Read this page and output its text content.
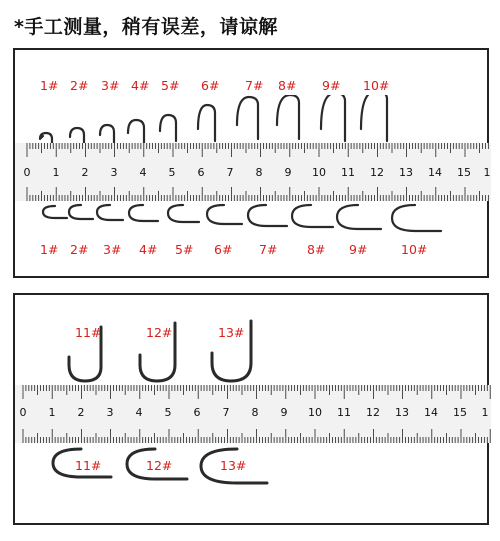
*手工测量，稍有误差，请谅解
1# 2# 3# 4# 5# 6# 7# 8# 9# 10#
0 1 2 3 4 5 6 7 8 9 10 11 12 13 14 15 1
1# 2# 3# 4# 5# 6# 7# 8# 9#	10#
11#	12#	13#
0 1 2 3 4 5 6 7 8 9 10 11 12 13 14 15 1
11#	12#	13#
